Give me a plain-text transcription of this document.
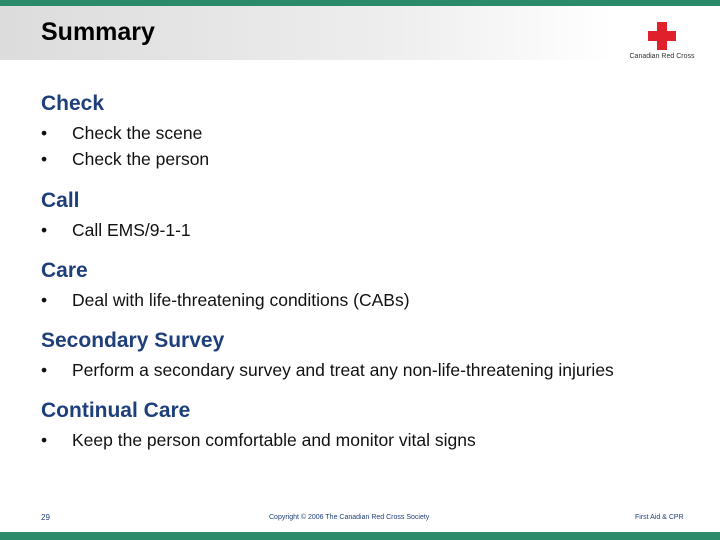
Summary
Canadian Red Cross
Check
• Check the scene
• Check the person
Call
• Call EMS/9-1-1
Care
• Deal with life-threatening conditions (CABs)
Secondary Survey
• Perform a secondary survey and treat any non-life-threatening injuries
Continual Care
• Keep the person comfortable and monitor vital signs
29	Copyright © 2006 The Canadian Red Cross Society	First Aid & CPR
